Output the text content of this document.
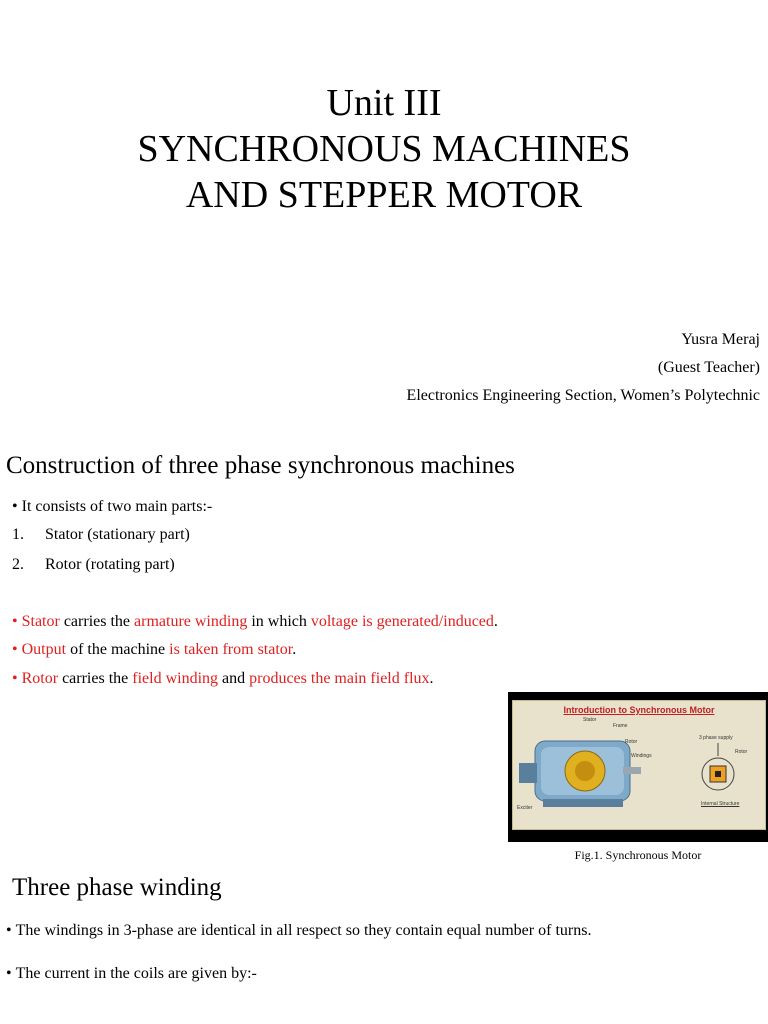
Unit III
SYNCHRONOUS MACHINES
AND STEPPER MOTOR
Yusra Meraj
(Guest Teacher)
Electronics Engineering Section, Women’s Polytechnic
Construction of three phase synchronous machines
• It consists of two main parts:-
1. Stator (stationary part)
2. Rotor (rotating part)
• Stator carries the armature winding in which voltage is generated/induced.
• Output of the machine is taken from stator.
• Rotor carries the field winding and produces the main field flux.
Introduction to Synchronous Motor
Stator
Frame
Rotor
Windings
Exciter
3 phase supply
Rotor
Internal Structure
Fig.1. Synchronous Motor
Three phase winding
• The windings in 3-phase are identical in all respect so they contain equal number of turns.
• The current in the coils are given by:-
